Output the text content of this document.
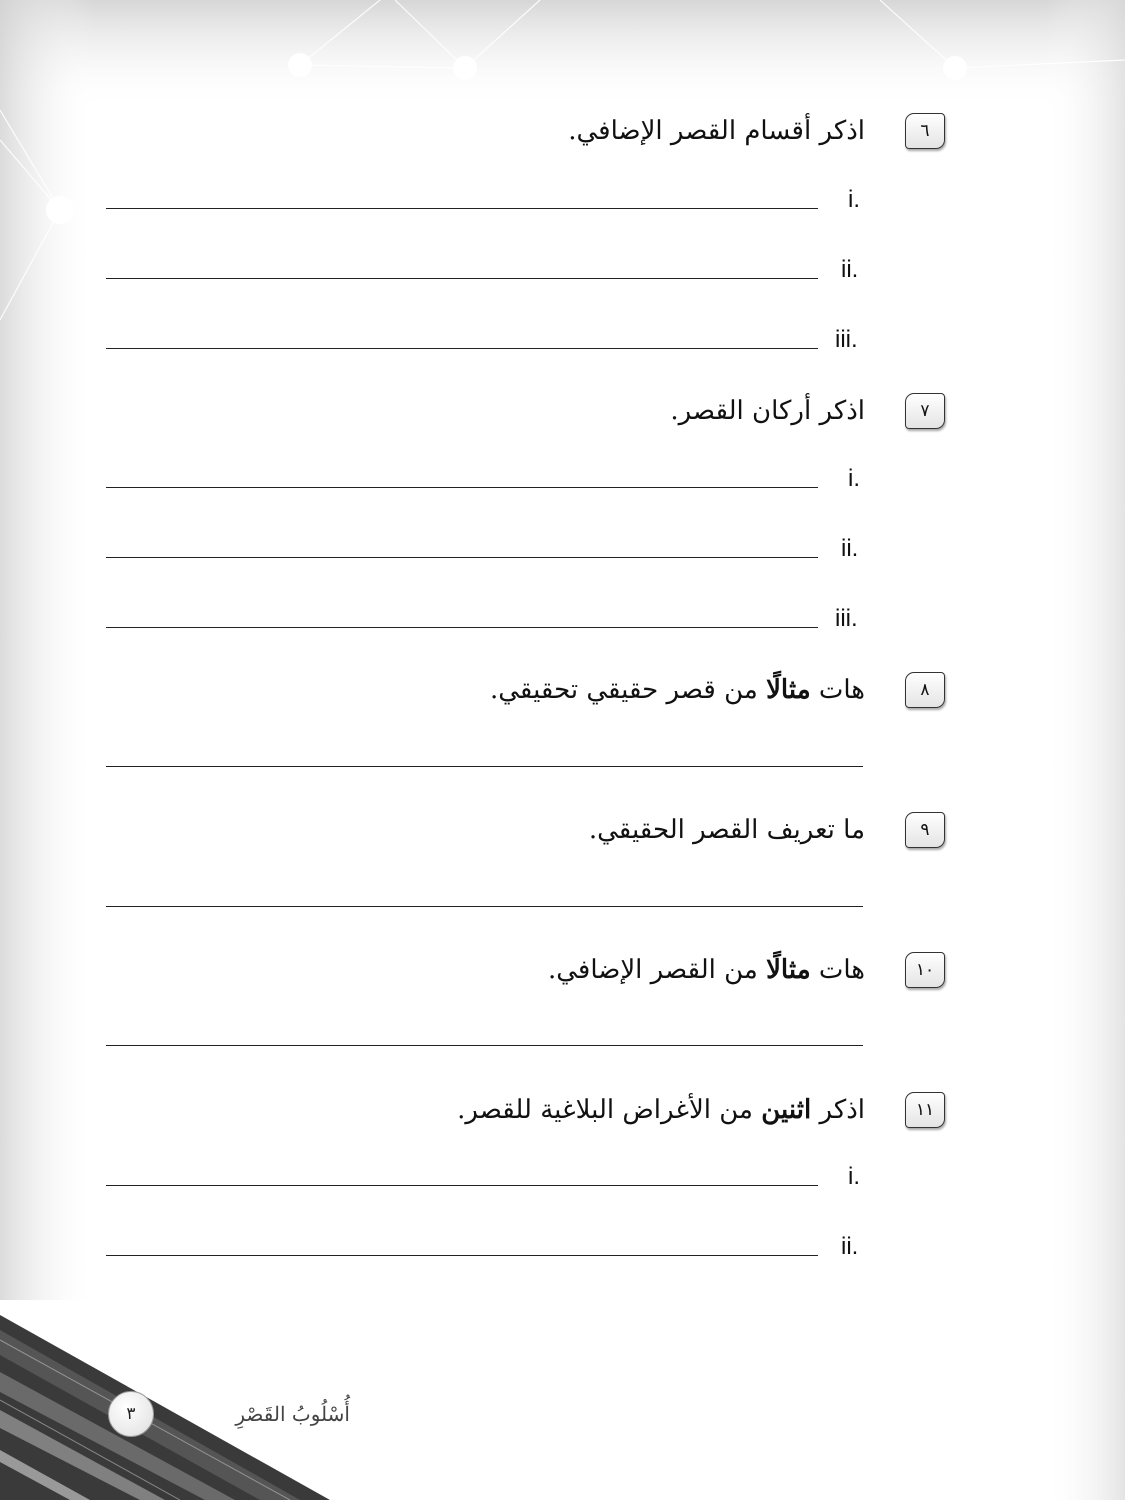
٦
اذكر أقسام القصر الإضافي.
i.
ii.
iii.
٧
اذكر أركان القصر.
i.
ii.
iii.
٨
هات مثالًا من قصر حقيقي تحقيقي.
٩
ما تعريف القصر الحقيقي.
١٠
هات مثالًا من القصر الإضافي.
١١
اذكر اثنين من الأغراض البلاغية للقصر.
i.
ii.
٣	أُسْلُوبُ القَصْرِ
